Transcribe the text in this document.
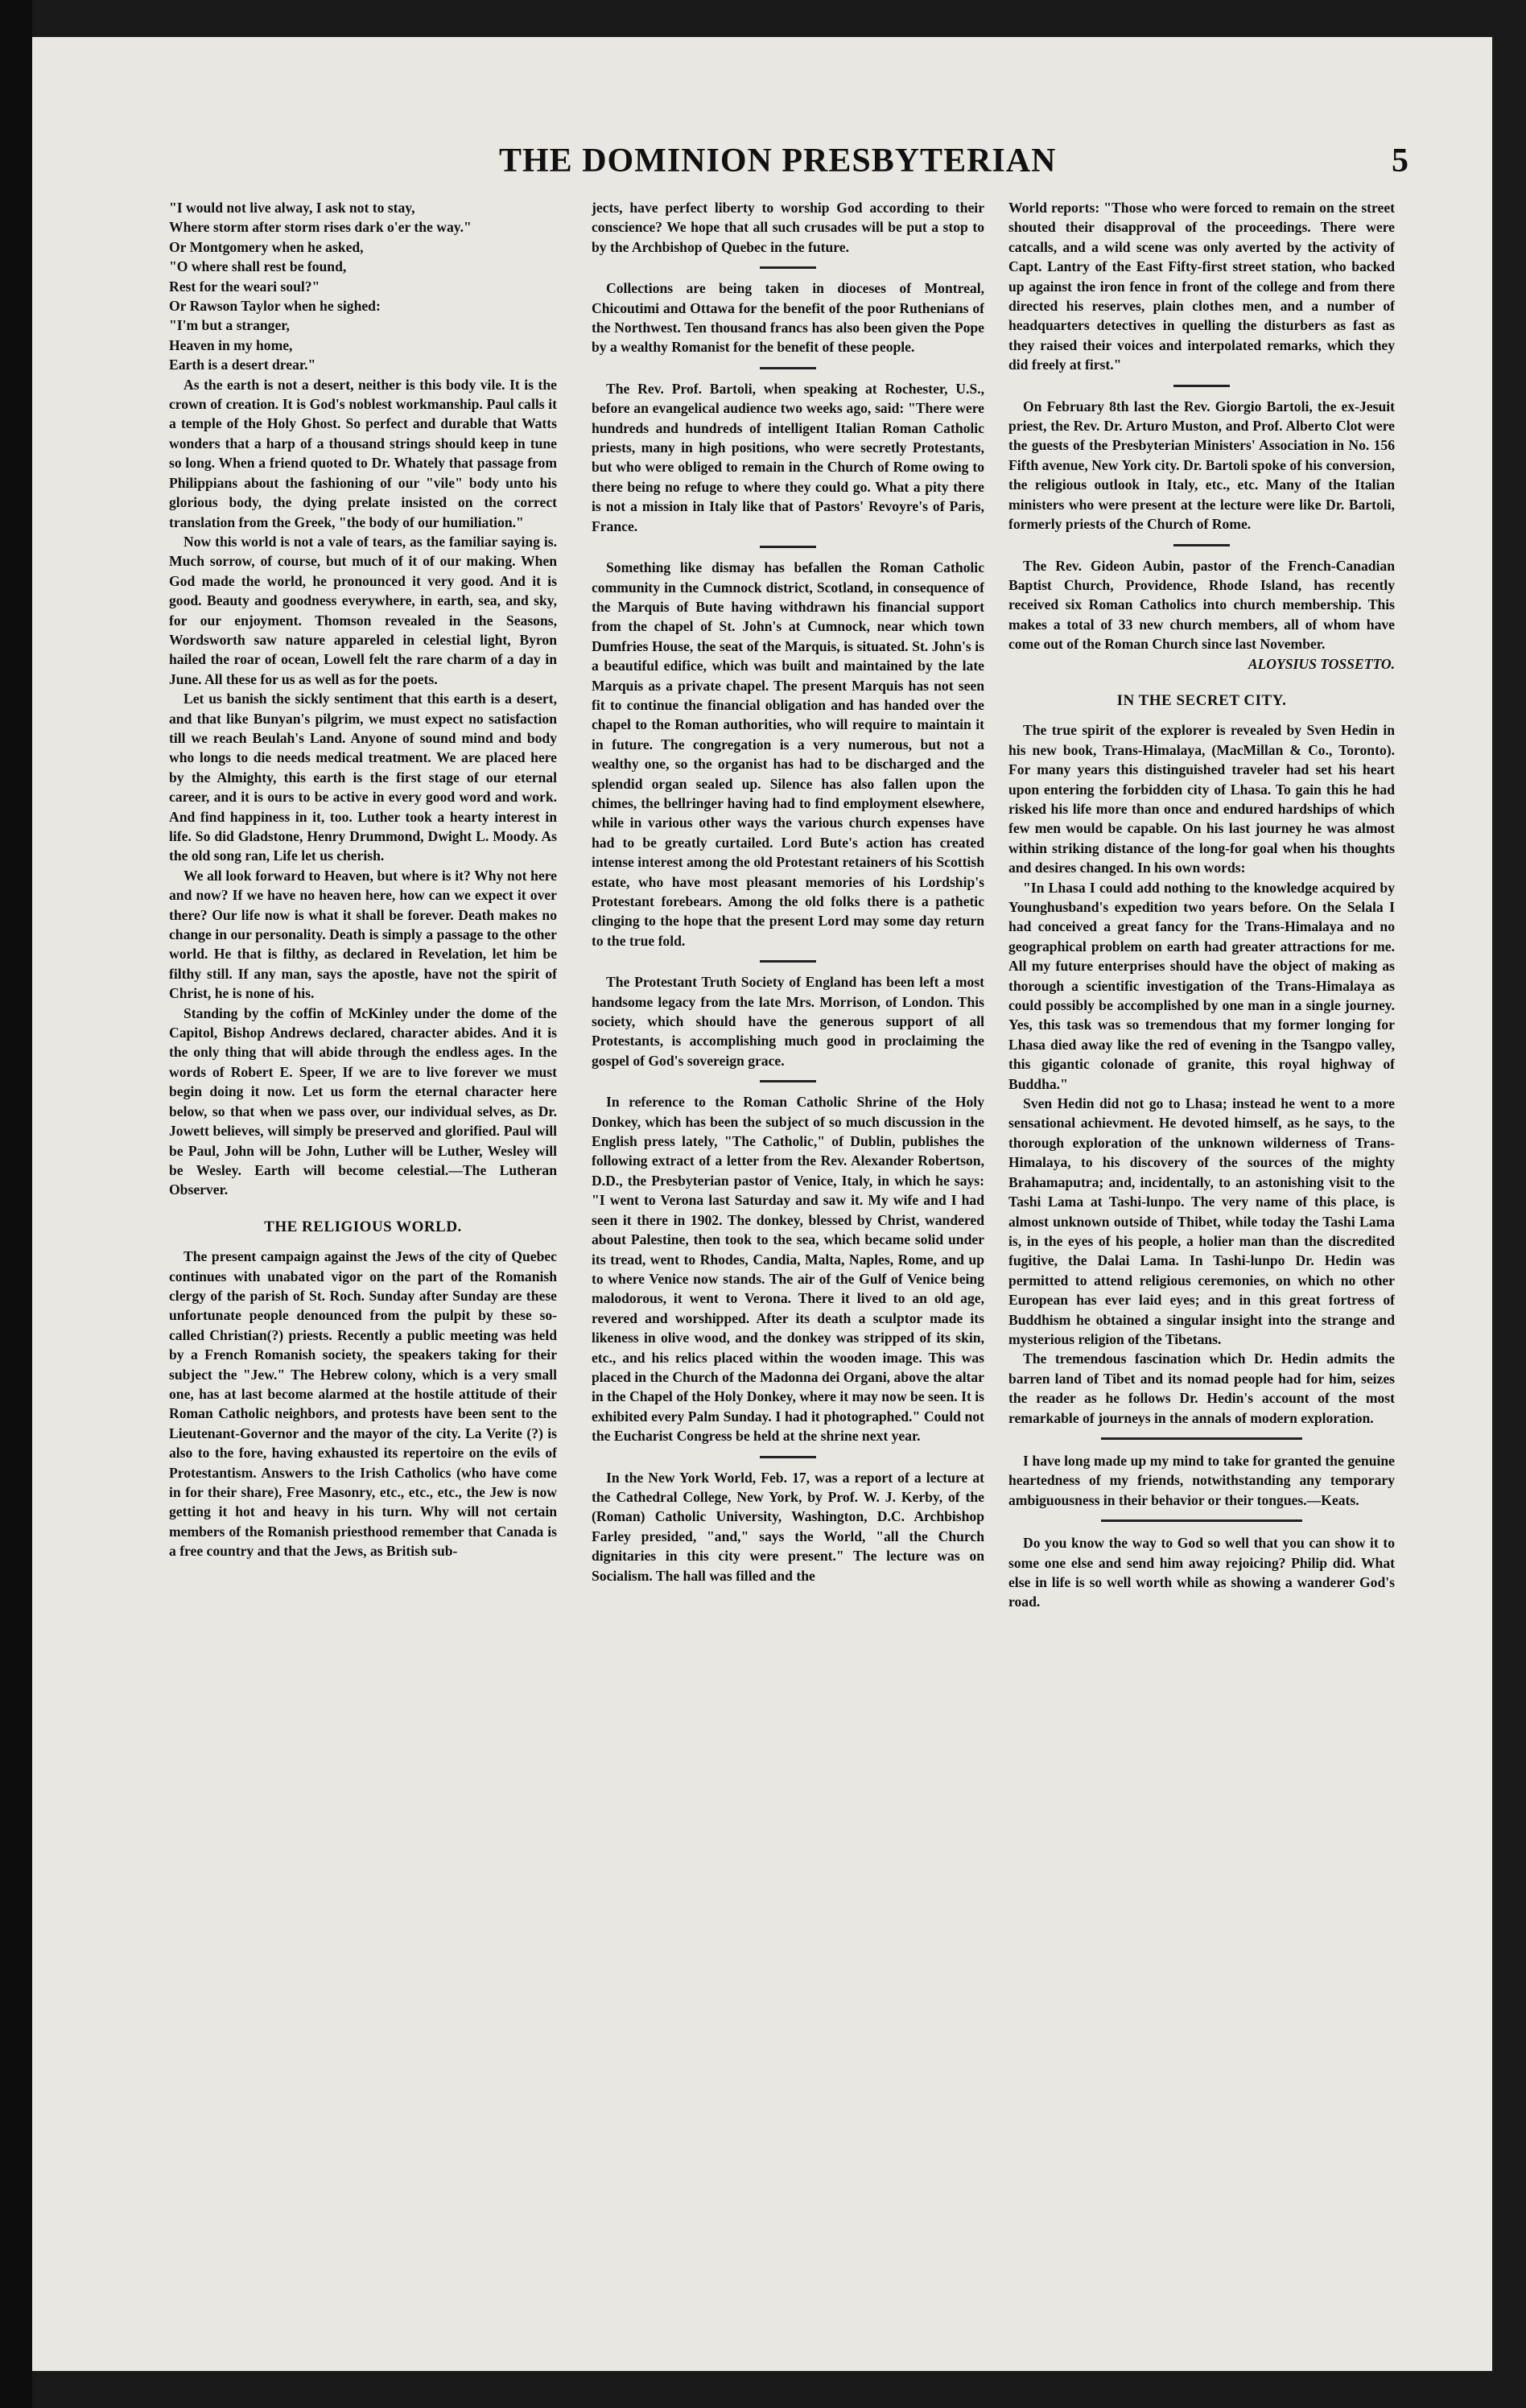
THE DOMINION PRESBYTERIAN	5

"I would not live alway, I ask not to stay,
Where storm after storm rises dark o'er the way."
Or Montgomery when he asked,
"O where shall rest be found,
Rest for the weari soul?"
Or Rawson Taylor when he sighed:
"I'm but a stranger,
Heaven in my home,
Earth is a desert drear."

As the earth is not a desert, neither is this body vile. It is the crown of creation. It is God's noblest workmanship. Paul calls it a temple of the Holy Ghost. So perfect and durable that Watts wonders that a harp of a thousand strings should keep in tune so long. When a friend quoted to Dr. Whately that passage from Philippians about the fashioning of our "vile" body unto his glorious body, the dying prelate insisted on the correct translation from the Greek, "the body of our humiliation."

Now this world is not a vale of tears, as the familiar saying is. Much sorrow, of course, but much of it of our making. When God made the world, he pronounced it very good. And it is good. Beauty and goodness everywhere, in earth, sea, and sky, for our enjoyment. Thomson revealed in the Seasons, Wordsworth saw nature appareled in celestial light, Byron hailed the roar of ocean, Lowell felt the rare charm of a day in June. All these for us as well as for the poets.

Let us banish the sickly sentiment that this earth is a desert, and that like Bunyan's pilgrim, we must expect no satisfaction till we reach Beulah's Land. Anyone of sound mind and body who longs to die needs medical treatment. We are placed here by the Almighty, this earth is the first stage of our eternal career, and it is ours to be active in every good word and work. And find happiness in it, too. Luther took a hearty interest in life. So did Gladstone, Henry Drummond, Dwight L. Moody. As the old song ran, Life let us cherish.

We all look forward to Heaven, but where is it? Why not here and now? If we have no heaven here, how can we expect it over there? Our life now is what it shall be forever. Death makes no change in our personality. Death is simply a passage to the other world. He that is filthy, as declared in Revelation, let him be filthy still. If any man, says the apostle, have not the spirit of Christ, he is none of his.

Standing by the coffin of McKinley under the dome of the Capitol, Bishop Andrews declared, character abides. And it is the only thing that will abide through the endless ages. In the words of Robert E. Speer, If we are to live forever we must begin doing it now. Let us form the eternal character here below, so that when we pass over, our individual selves, as Dr. Jowett believes, will simply be preserved and glorified. Paul will be Paul, John will be John, Luther will be Luther, Wesley will be Wesley. Earth will become celestial.—The Lutheran Observer.

THE RELIGIOUS WORLD.

The present campaign against the Jews of the city of Quebec continues with unabated vigor on the part of the Romanish clergy of the parish of St. Roch. Sunday after Sunday are these unfortunate people denounced from the pulpit by these so-called Christian(?) priests. Recently a public meeting was held by a French Romanish society, the speakers taking for their subject the "Jew." The Hebrew colony, which is a very small one, has at last become alarmed at the hostile attitude of their Roman Catholic neighbors, and protests have been sent to the Lieutenant-Governor and the mayor of the city. La Verite (?) is also to the fore, having exhausted its repertoire on the evils of Protestantism. Answers to the Irish Catholics (who have come in for their share), Free Masonry, etc., etc., etc., the Jew is now getting it hot and heavy in his turn. Why will not certain members of the Romanish priesthood remember that Canada is a free country and that the Jews, as British sub-

jects, have perfect liberty to worship God according to their conscience? We hope that all such crusades will be put a stop to by the Archbishop of Quebec in the future.

Collections are being taken in dioceses of Montreal, Chicoutimi and Ottawa for the benefit of the poor Ruthenians of the Northwest. Ten thousand francs has also been given the Pope by a wealthy Romanist for the benefit of these people.

The Rev. Prof. Bartoli, when speaking at Rochester, U.S., before an evangelical audience two weeks ago, said: "There were hundreds and hundreds of intelligent Italian Roman Catholic priests, many in high positions, who were secretly Protestants, but who were obliged to remain in the Church of Rome owing to there being no refuge to where they could go. What a pity there is not a mission in Italy like that of Pastors' Revoyre's of Paris, France.

Something like dismay has befallen the Roman Catholic community in the Cumnock district, Scotland, in consequence of the Marquis of Bute having withdrawn his financial support from the chapel of St. John's at Cumnock, near which town Dumfries House, the seat of the Marquis, is situated. St. John's is a beautiful edifice, which was built and maintained by the late Marquis as a private chapel. The present Marquis has not seen fit to continue the financial obligation and has handed over the chapel to the Roman authorities, who will require to maintain it in future. The congregation is a very numerous, but not a wealthy one, so the organist has had to be discharged and the splendid organ sealed up. Silence has also fallen upon the chimes, the bellringer having had to find employment elsewhere, while in various other ways the various church expenses have had to be greatly curtailed. Lord Bute's action has created intense interest among the old Protestant retainers of his Scottish estate, who have most pleasant memories of his Lordship's Protestant forebears. Among the old folks there is a pathetic clinging to the hope that the present Lord may some day return to the true fold.

The Protestant Truth Society of England has been left a most handsome legacy from the late Mrs. Morrison, of London. This society, which should have the generous support of all Protestants, is accomplishing much good in proclaiming the gospel of God's sovereign grace.

In reference to the Roman Catholic Shrine of the Holy Donkey, which has been the subject of so much discussion in the English press lately, "The Catholic," of Dublin, publishes the following extract of a letter from the Rev. Alexander Robertson, D.D., the Presbyterian pastor of Venice, Italy, in which he says: "I went to Verona last Saturday and saw it. My wife and I had seen it there in 1902. The donkey, blessed by Christ, wandered about Palestine, then took to the sea, which became solid under its tread, went to Rhodes, Candia, Malta, Naples, Rome, and up to where Venice now stands. The air of the Gulf of Venice being malodorous, it went to Verona. There it lived to an old age, revered and worshipped. After its death a sculptor made its likeness in olive wood, and the donkey was stripped of its skin, etc., and his relics placed within the wooden image. This was placed in the Church of the Madonna dei Organi, above the altar in the Chapel of the Holy Donkey, where it may now be seen. It is exhibited every Palm Sunday. I had it photographed." Could not the Eucharist Congress be held at the shrine next year.

In the New York World, Feb. 17, was a report of a lecture at the Cathedral College, New York, by Prof. W. J. Kerby, of the (Roman) Catholic University, Washington, D.C. Archbishop Farley presided, "and," says the World, "all the Church dignitaries in this city were present." The lecture was on Socialism. The hall was filled and the

World reports: "Those who were forced to remain on the street shouted their disapproval of the proceedings. There were catcalls, and a wild scene was only averted by the activity of Capt. Lantry of the East Fifty-first street station, who backed up against the iron fence in front of the college and from there directed his reserves, plain clothes men, and a number of headquarters detectives in quelling the disturbers as fast as they raised their voices and interpolated remarks, which they did freely at first."

On February 8th last the Rev. Giorgio Bartoli, the ex-Jesuit priest, the Rev. Dr. Arturo Muston, and Prof. Alberto Clot were the guests of the Presbyterian Ministers' Association in No. 156 Fifth avenue, New York city. Dr. Bartoli spoke of his conversion, the religious outlook in Italy, etc., etc. Many of the Italian ministers who were present at the lecture were like Dr. Bartoli, formerly priests of the Church of Rome.

The Rev. Gideon Aubin, pastor of the French-Canadian Baptist Church, Providence, Rhode Island, has recently received six Roman Catholics into church membership. This makes a total of 33 new church members, all of whom have come out of the Roman Church since last November.

ALOYSIUS TOSSETTO.

IN THE SECRET CITY.

The true spirit of the explorer is revealed by Sven Hedin in his new book, Trans-Himalaya, (MacMillan & Co., Toronto). For many years this distinguished traveler had set his heart upon entering the forbidden city of Lhasa. To gain this he had risked his life more than once and endured hardships of which few men would be capable. On his last journey he was almost within striking distance of the long-for goal when his thoughts and desires changed. In his own words:

"In Lhasa I could add nothing to the knowledge acquired by Younghusband's expedition two years before. On the Selala I had conceived a great fancy for the Trans-Himalaya and no geographical problem on earth had greater attractions for me. All my future enterprises should have the object of making as thorough a scientific investigation of the Trans-Himalaya as could possibly be accomplished by one man in a single journey. Yes, this task was so tremendous that my former longing for Lhasa died away like the red of evening in the Tsangpo valley, this gigantic colonade of granite, this royal highway of Buddha."

Sven Hedin did not go to Lhasa; instead he went to a more sensational achievment. He devoted himself, as he says, to the thorough exploration of the unknown wilderness of Trans-Himalaya, to his discovery of the sources of the mighty Brahamaputra; and, incidentally, to an astonishing visit to the Tashi Lama at Tashi-lunpo. The very name of this place, is almost unknown outside of Thibet, while today the Tashi Lama is, in the eyes of his people, a holier man than the discredited fugitive, the Dalai Lama. In Tashi-lunpo Dr. Hedin was permitted to attend religious ceremonies, on which no other European has ever laid eyes; and in this great fortress of Buddhism he obtained a singular insight into the strange and mysterious religion of the Tibetans.

The tremendous fascination which Dr. Hedin admits the barren land of Tibet and its nomad people had for him, seizes the reader as he follows Dr. Hedin's account of the most remarkable of journeys in the annals of modern exploration.

I have long made up my mind to take for granted the genuine heartedness of my friends, notwithstanding any temporary ambiguousness in their behavior or their tongues.—Keats.

Do you know the way to God so well that you can show it to some one else and send him away rejoicing? Philip did. What else in life is so well worth while as showing a wanderer God's road.
